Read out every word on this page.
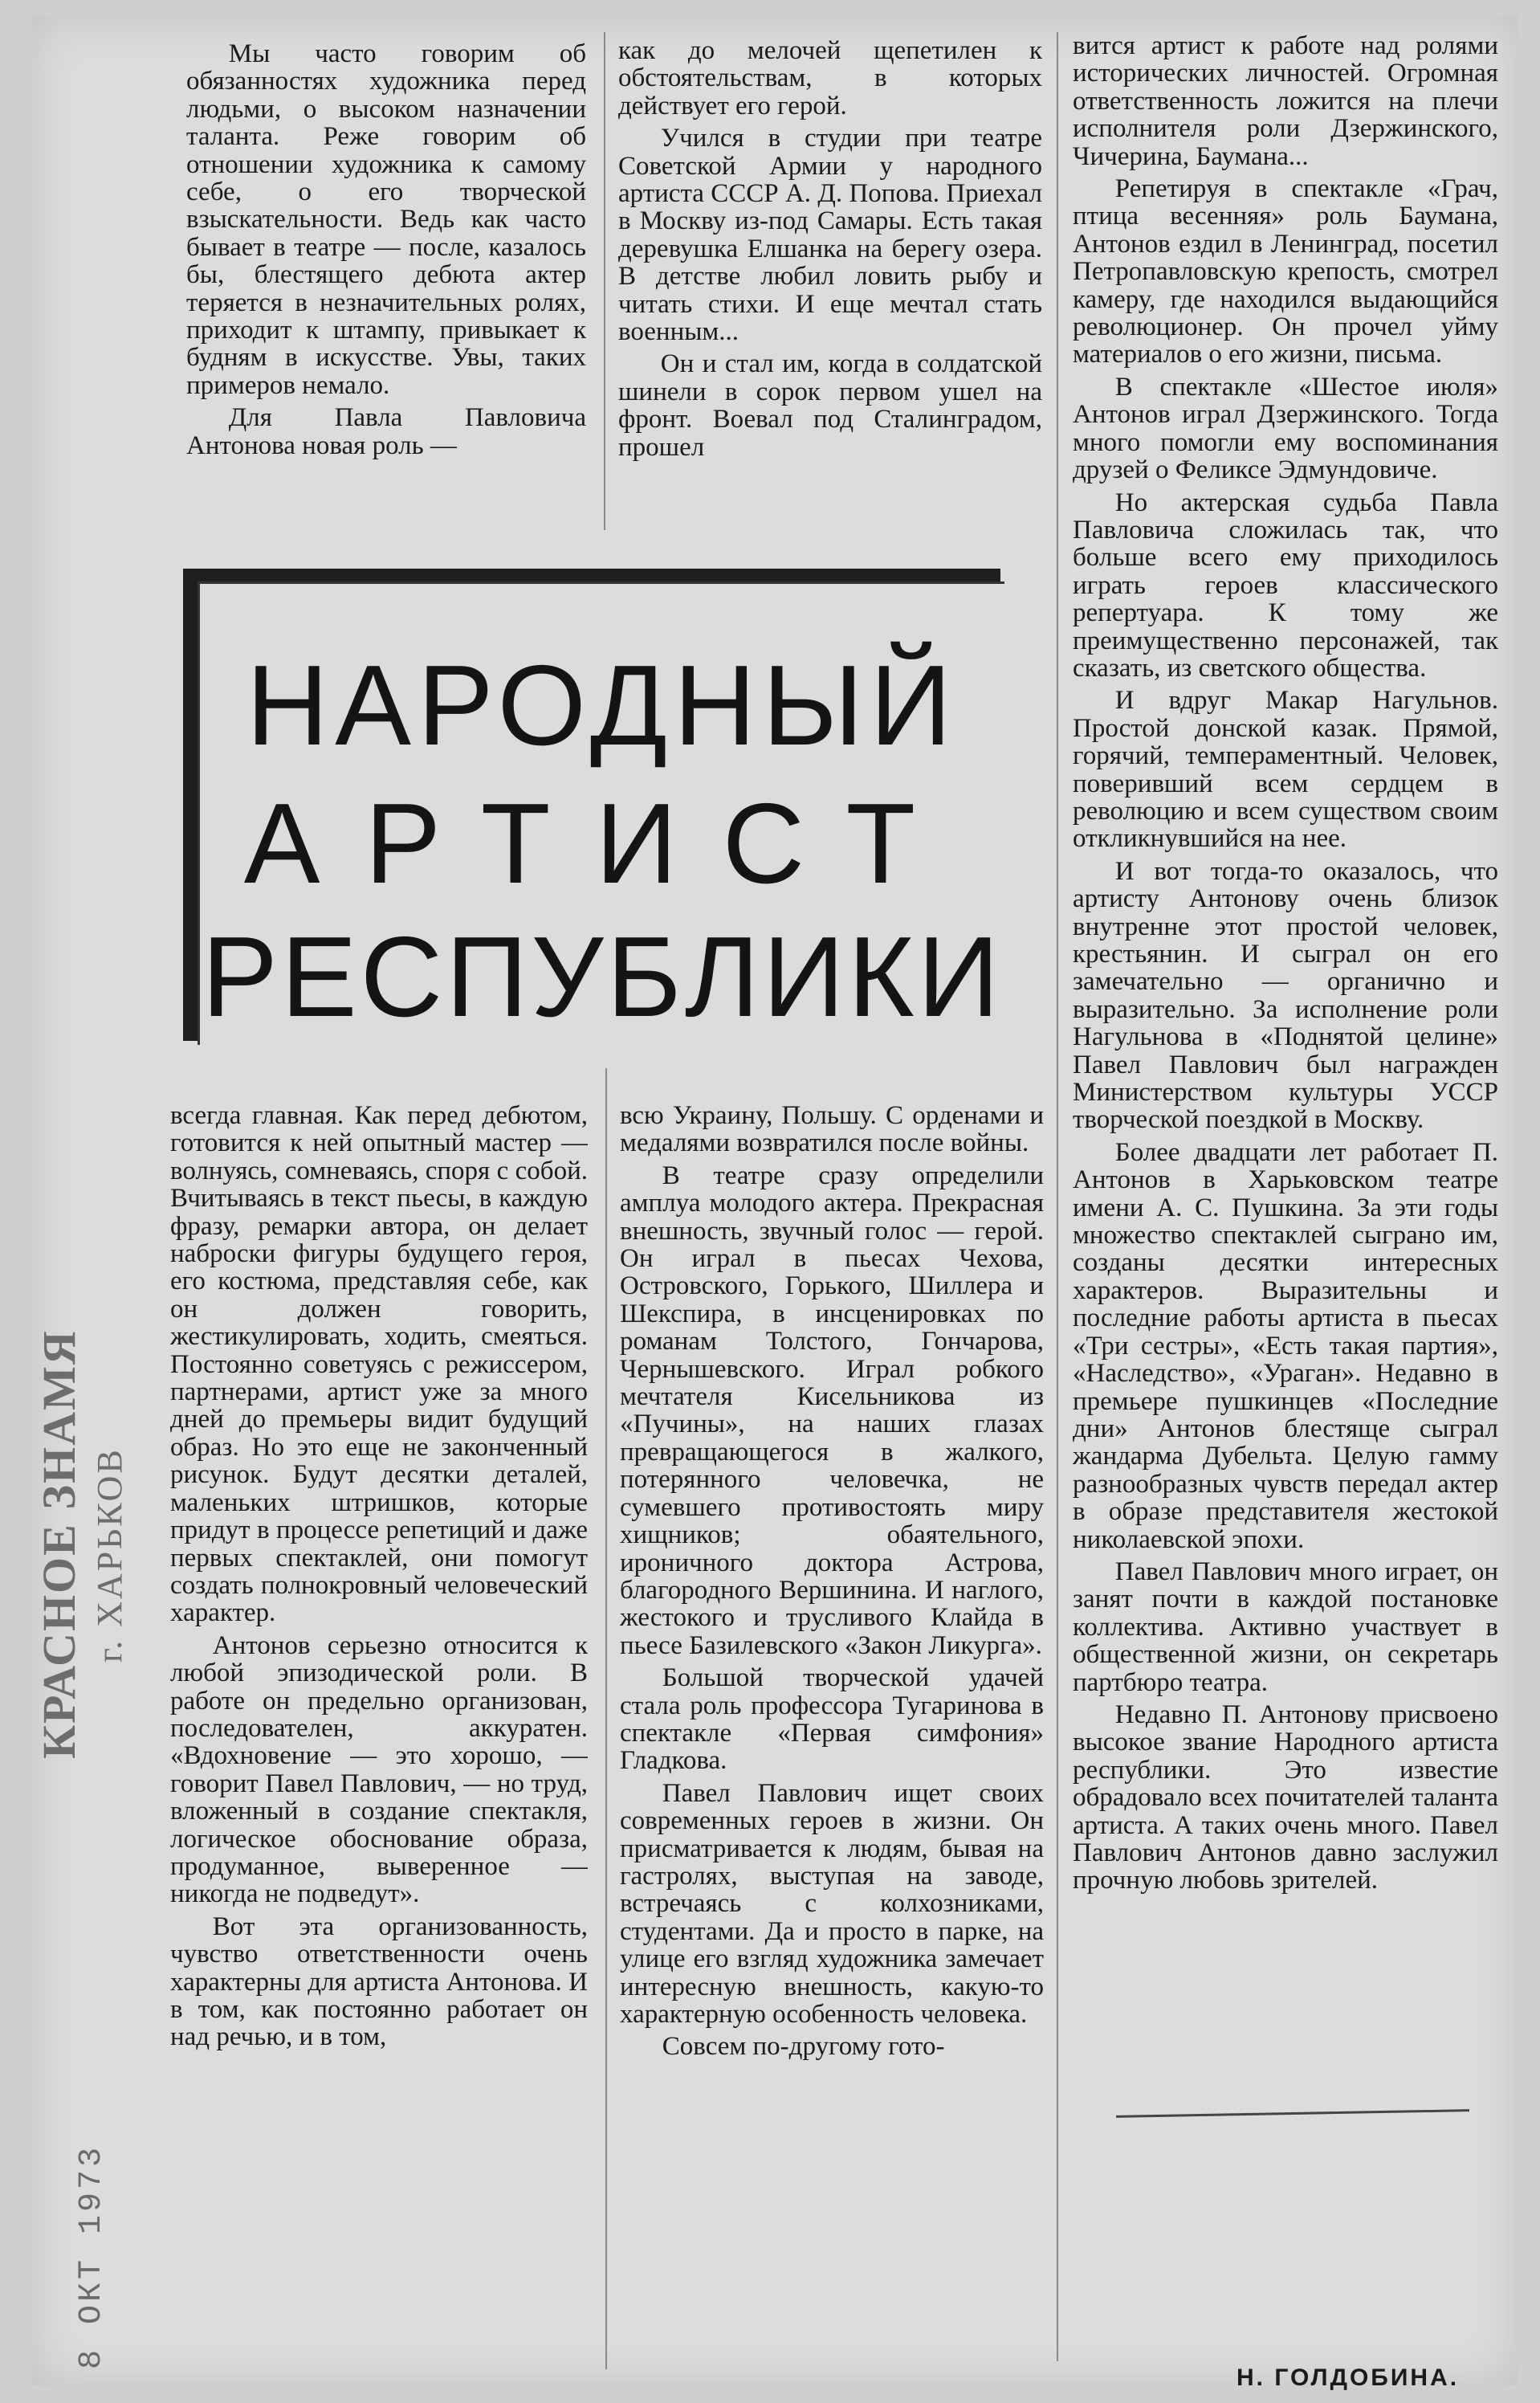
Мы часто говорим об обязанностях художника перед людьми, о высоком назначении таланта. Реже говорим об отношении художника к самому себе, о его творческой взыскательности. Ведь как часто бывает в театре — после, казалось бы, блестящего дебюта актер теряется в незначительных ролях, приходит к штампу, привыкает к будням в искусстве. Увы, таких примеров немало.

Для Павла Павловича Антонова новая роль —

как до мелочей щепетилен к обстоятельствам, в которых действует его герой.

Учился в студии при театре Советской Армии у народного артиста СССР А. Д. Попова. Приехал в Москву из-под Самары. Есть такая деревушка Елшанка на берегу озера. В детстве любил ловить рыбу и читать стихи. И еще мечтал стать военным...

Он и стал им, когда в солдатской шинели в сорок первом ушел на фронт. Воевал под Сталинградом, прошел

НАРОДНЫЙ
АРТИСТ
РЕСПУБЛИКИ

всегда главная. Как перед дебютом, готовится к ней опытный мастер — волнуясь, сомневаясь, споря с собой. Вчитываясь в текст пьесы, в каждую фразу, ремарки автора, он делает наброски фигуры будущего героя, его костюма, представляя себе, как он должен говорить, жестикулировать, ходить, смеяться. Постоянно советуясь с режиссером, партнерами, артист уже за много дней до премьеры видит будущий образ. Но это еще не законченный рисунок. Будут десятки деталей, маленьких штришков, которые придут в процессе репетиций и даже первых спектаклей, они помогут создать полнокровный человеческий характер.

Антонов серьезно относится к любой эпизодической роли. В работе он предельно организован, последователен, аккуратен. «Вдохновение — это хорошо, — говорит Павел Павлович, — но труд, вложенный в создание спектакля, логическое обоснование образа, продуманное, выверенное — никогда не подведут».

Вот эта организованность, чувство ответственности очень характерны для артиста Антонова. И в том, как постоянно работает он над речью, и в том,

всю Украину, Польшу. С орденами и медалями возвратился после войны.

В театре сразу определили амплуа молодого актера. Прекрасная внешность, звучный голос — герой. Он играл в пьесах Чехова, Островского, Горького, Шиллера и Шекспира, в инсценировках по романам Толстого, Гончарова, Чернышевского. Играл робкого мечтателя Кисельникова из «Пучины», на наших глазах превращающегося в жалкого, потерянного человечка, не сумевшего противостоять миру хищников; обаятельного, ироничного доктора Астрова, благородного Вершинина. И наглого, жестокого и трусливого Клайда в пьесе Базилевского «Закон Ликурга».

Большой творческой удачей стала роль профессора Тугаринова в спектакле «Первая симфония» Гладкова.

Павел Павлович ищет своих современных героев в жизни. Он присматривается к людям, бывая на гастролях, выступая на заводе, встречаясь с колхозниками, студентами. Да и просто в парке, на улице его взгляд художника замечает интересную внешность, какую-то характерную особенность человека.

Совсем по-другому гото-

вится артист к работе над ролями исторических личностей. Огромная ответственность ложится на плечи исполнителя роли Дзержинского, Чичерина, Баумана...

Репетируя в спектакле «Грач, птица весенняя» роль Баумана, Антонов ездил в Ленинград, посетил Петропавловскую крепость, смотрел камеру, где находился выдающийся революционер. Он прочел уйму материалов о его жизни, письма.

В спектакле «Шестое июля» Антонов играл Дзержинского. Тогда много помогли ему воспоминания друзей о Феликсе Эдмундовиче.

Но актерская судьба Павла Павловича сложилась так, что больше всего ему приходилось играть героев классического репертуара. К тому же преимущественно персонажей, так сказать, из светского общества.

И вдруг Макар Нагульнов. Простой донской казак. Прямой, горячий, темпераментный. Человек, поверивший всем сердцем в революцию и всем существом своим откликнувшийся на нее.

И вот тогда-то оказалось, что артисту Антонову очень близок внутренне этот простой человек, крестьянин. И сыграл он его замечательно — органично и выразительно. За исполнение роли Нагульнова в «Поднятой целине» Павел Павлович был награжден Министерством культуры УССР творческой поездкой в Москву.

Более двадцати лет работает П. Антонов в Харьковском театре имени А. С. Пушкина. За эти годы множество спектаклей сыграно им, созданы десятки интересных характеров. Выразительны и последние работы артиста в пьесах «Три сестры», «Есть такая партия», «Наследство», «Ураган». Недавно в премьере пушкинцев «Последние дни» Антонов блестяще сыграл жандарма Дубельта. Целую гамму разнообразных чувств передал актер в образе представителя жестокой николаевской эпохи.

Павел Павлович много играет, он занят почти в каждой постановке коллектива. Активно участвует в общественной жизни, он секретарь партбюро театра.

Недавно П. Антонову присвоено высокое звание Народного артиста республики. Это известие обрадовало всех почитателей таланта артиста. А таких очень много. Павел Павлович Антонов давно заслужил прочную любовь зрителей.

Н. ГОЛДОБИНА.
КРАСНОЕ ЗНАМЯ г. ХАРЬКОВ
8 ОКТ 1973
